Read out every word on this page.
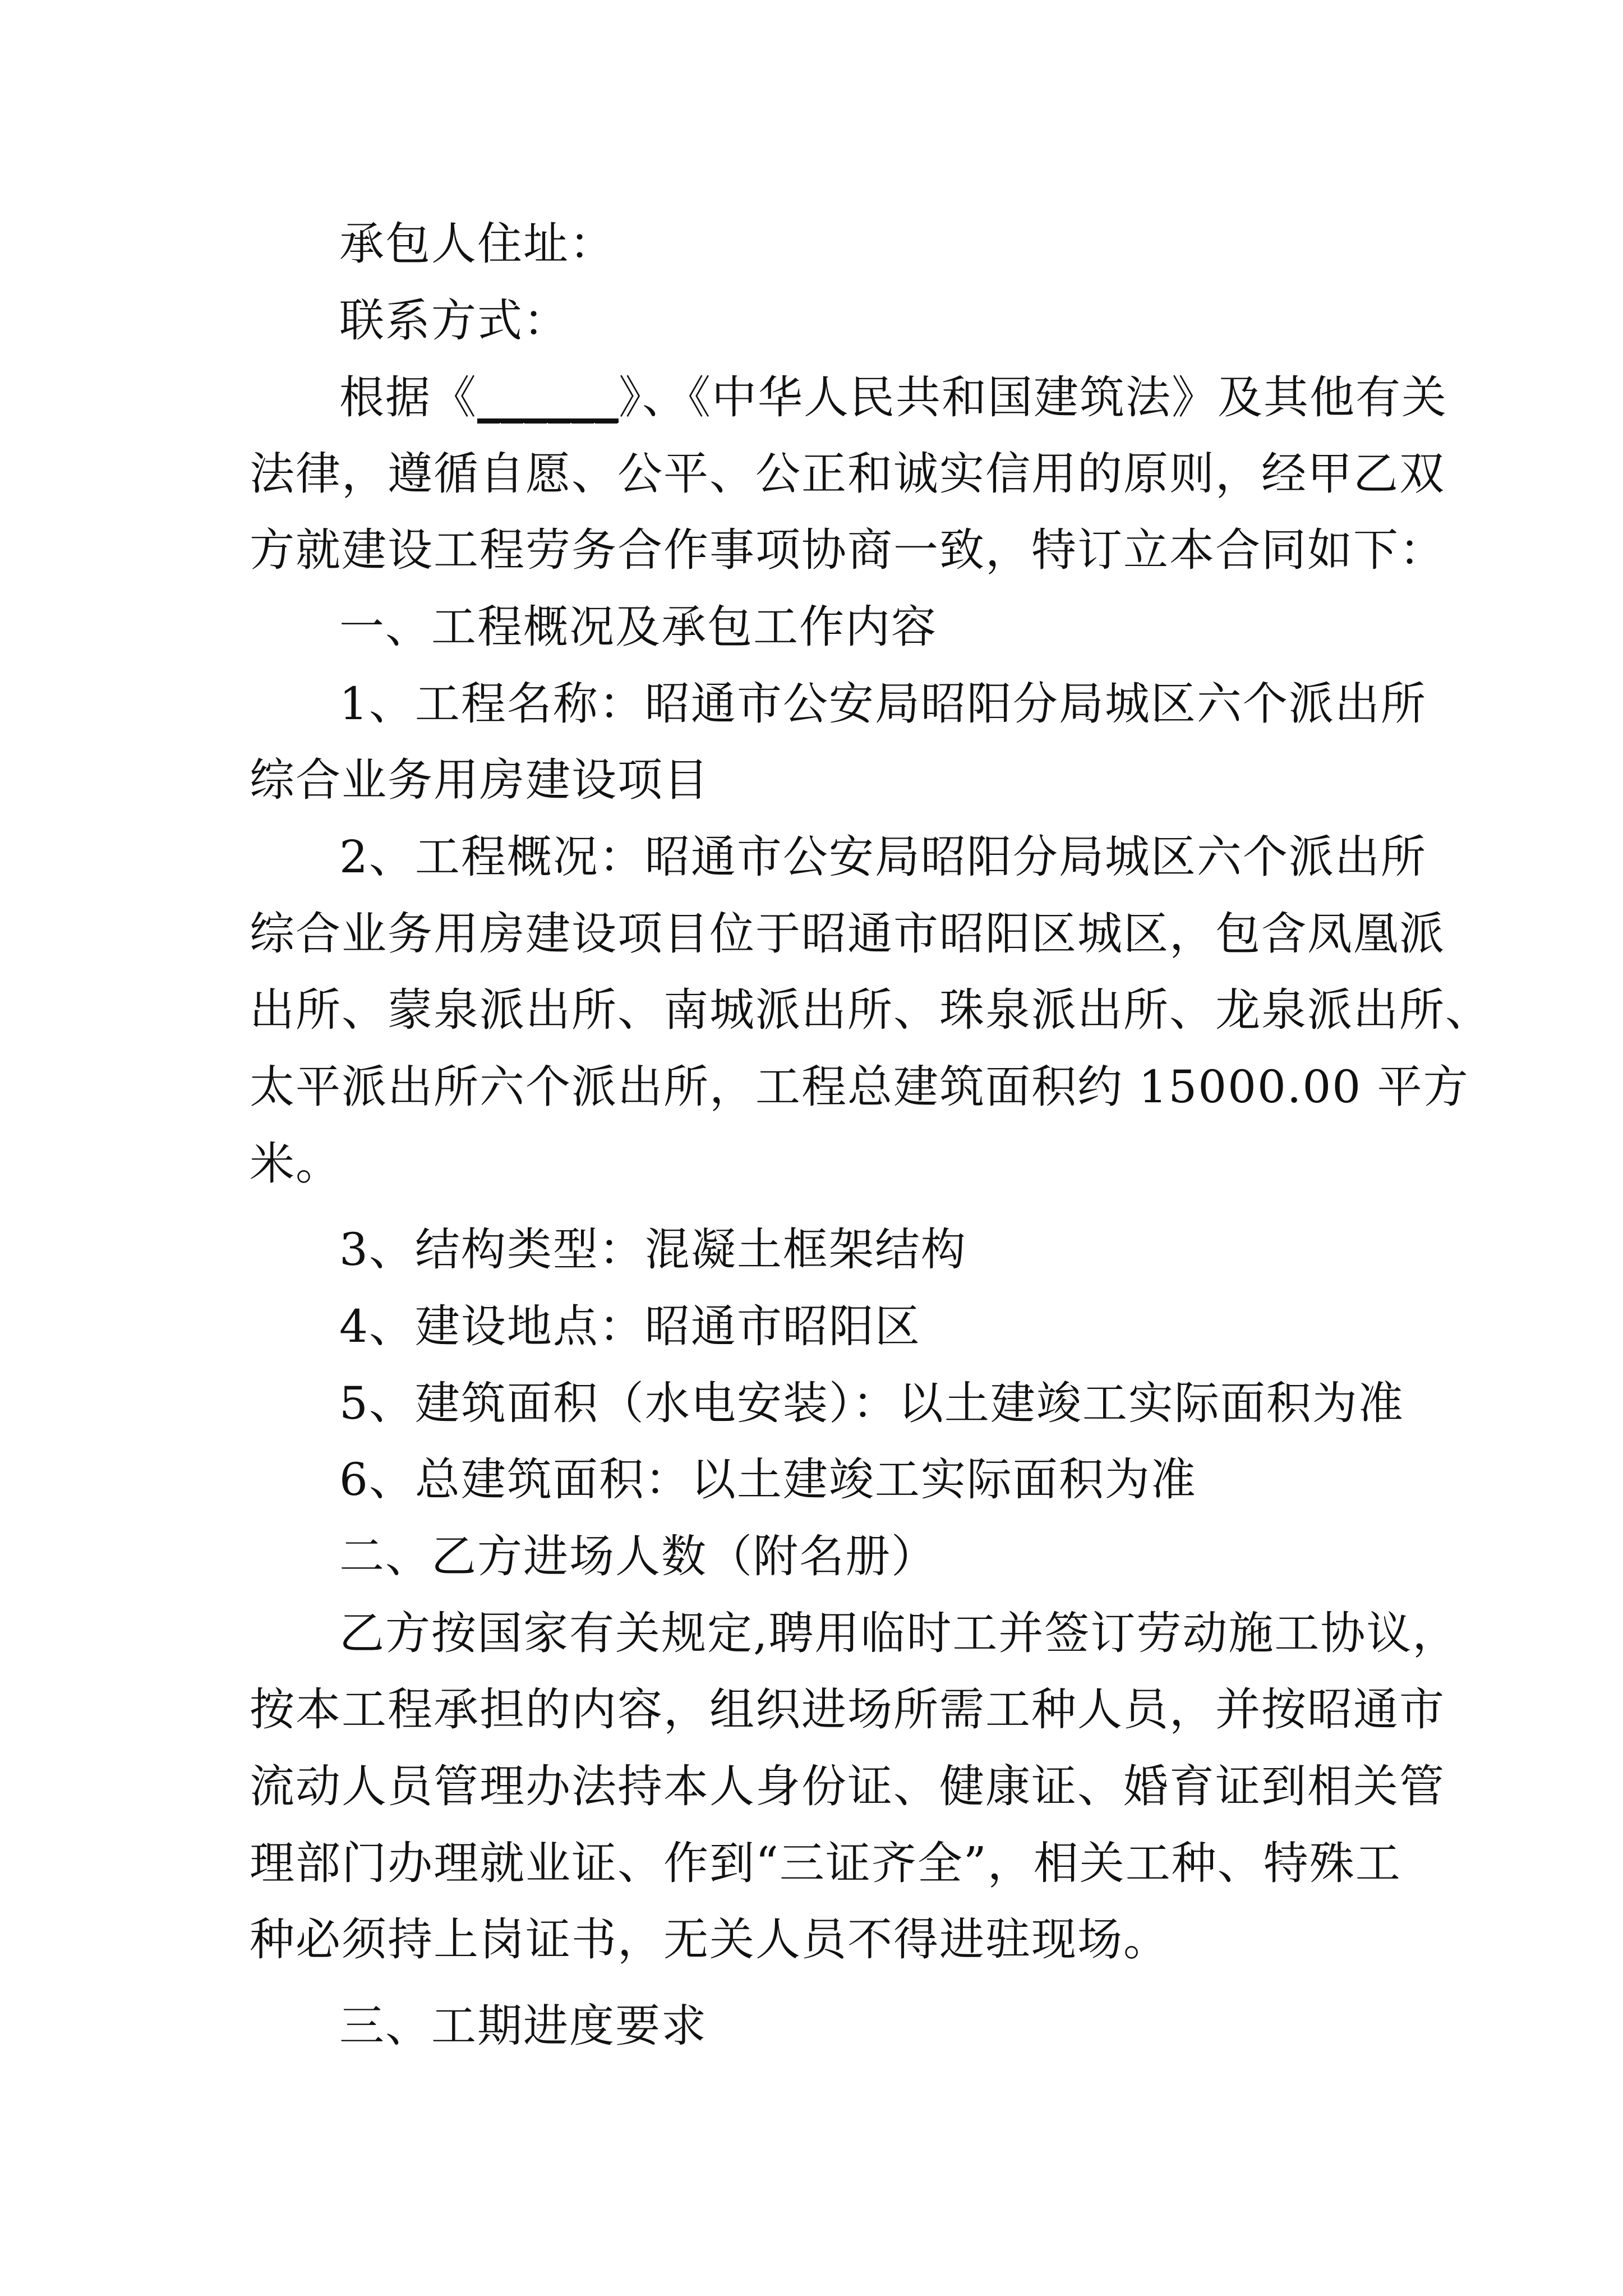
承包人住址：

联系方式：

根据《______》、《中华人民共和国建筑法》及其他有关
法律，遵循自愿、公平、公正和诚实信用的原则，经甲乙双
方就建设工程劳务合作事项协商一致，特订立本合同如下：
一、工程概况及承包工作内容
1、工程名称：昭通市公安局昭阳分局城区六个派出所
综合业务用房建设项目
2、工程概况：昭通市公安局昭阳分局城区六个派出所
综合业务用房建设项目位于昭通市昭阳区城区，包含凤凰派
出所、蒙泉派出所、南城派出所、珠泉派出所、龙泉派出所、
太平派出所六个派出所，工程总建筑面积约 15000.00 平方
米。
3、结构类型：混凝土框架结构
4、建设地点：昭通市昭阳区
5、建筑面积（水电安装）：以土建竣工实际面积为准
6、总建筑面积：以土建竣工实际面积为准
二、乙方进场人数（附名册）
乙方按国家有关规定,聘用临时工并签订劳动施工协议，
按本工程承担的内容，组织进场所需工种人员，并按昭通市
流动人员管理办法持本人身份证、健康证、婚育证到相关管
理部门办理就业证、作到“三证齐全”，相关工种、特殊工
种必须持上岗证书，无关人员不得进驻现场。
三、工期进度要求
